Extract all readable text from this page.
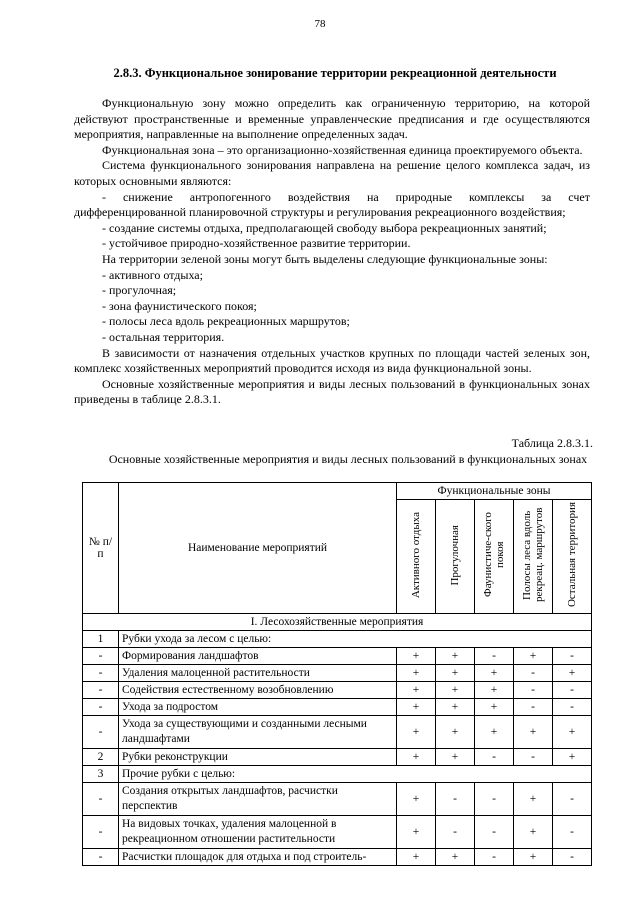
78
2.8.3. Функциональное зонирование территории рекреационной деятельности

Функциональную зону можно определить как ограниченную территорию, на которой действуют пространственные и временные управленческие предписания и где осуществляются мероприятия, направленные на выполнение определенных задач.

Функциональная зона – это организационно-хозяйственная единица проектируемого объекта.

Система функционального зонирования направлена на решение целого комплекса задач, из которых основными являются:

- снижение антропогенного воздействия на природные комплексы за счет дифференцированной планировочной структуры и регулирования рекреационного воздействия;

- создание системы отдыха, предполагающей свободу выбора рекреационных занятий;

- устойчивое природно-хозяйственное развитие территории.

На территории зеленой зоны могут быть выделены следующие функциональные зоны:

- активного отдыха;

- прогулочная;

- зона фаунистического покоя;

- полосы леса вдоль рекреационных маршрутов;

- остальная территория.

В зависимости от назначения отдельных участков крупных по площади частей зеленых зон, комплекс хозяйственных мероприятий проводится исходя из вида функциональной зоны.

Основные хозяйственные мероприятия и виды лесных пользований в функциональных зонах приведены в таблице 2.8.3.1.

Таблица 2.8.3.1.
Основные хозяйственные мероприятия и виды лесных пользований в функциональных зонах
№ п/п	Наименование мероприятий	Функциональные зоны				
		Активного отдыха	Прогулочная	Фаунистиче-ского покоя	Полосы леса вдоль рекреац. маршрутов	Остальная территория
I. Лесохозяйственные мероприятия						
1	Рубки ухода за лесом с целью:					
-	Формирования ландшафтов	+	+	-	+	-
-	Удаления малоценной растительности	+	+	+	-	+
-	Содействия естественному возобновлению	+	+	+	-	-
-	Ухода за подростом	+	+	+	-	-
-	Ухода за существующими и созданными лесными ландшафтами	+	+	+	+	+
2	Рубки реконструкции	+	+	-	-	+
3	Прочие рубки с целью:					
-	Создания открытых ландшафтов, расчистки перспектив	+	-	-	+	-
-	На видовых точках, удаления малоценной в рекреационном отношении растительности	+	-	-	+	-
-	Расчистки площадок для отдыха и под строитель-	+	+	-	+	-
